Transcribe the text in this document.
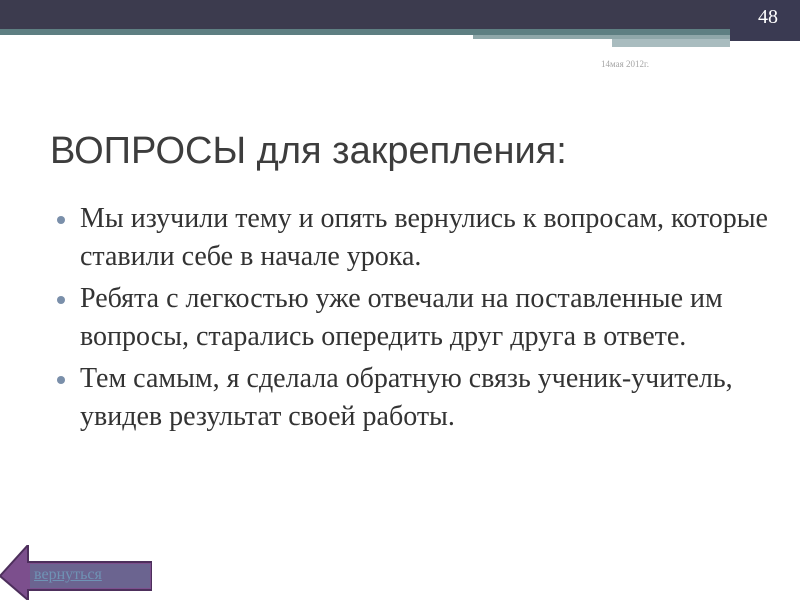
48
14мая 2012г.
ВОПРОСЫ для закрепления:
Мы изучили тему и опять вернулись к вопросам, которые ставили себе в начале урока.
Ребята с легкостью уже отвечали на поставленные им вопросы, старались опередить друг друга в ответе.
Тем самым, я сделала обратную связь ученик-учитель, увидев результат своей работы.
вернуться
